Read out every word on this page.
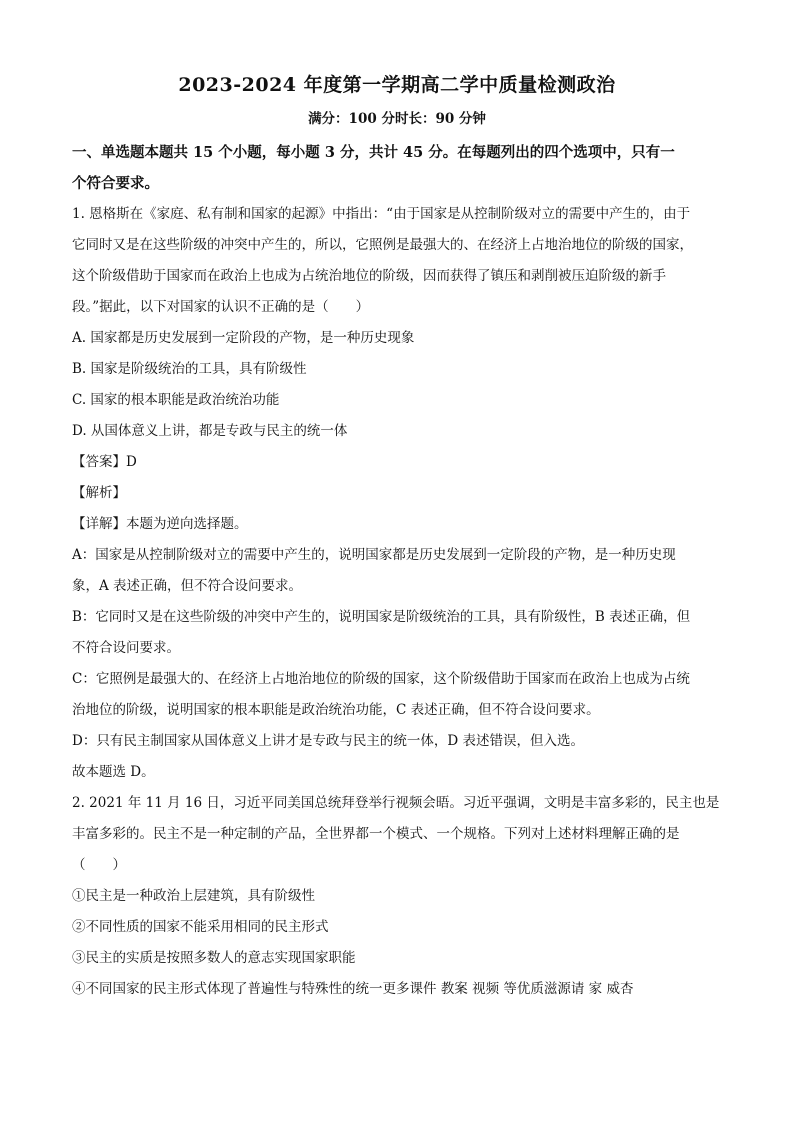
2023-2024 年度第一学期高二学中质量检测政治
满分：100 分时长：90 分钟
一、单选题本题共 15 个小题，每小题 3 分，共计 45 分。在每题列出的四个选项中，只有一
个符合要求。
1. 恩格斯在《家庭、私有制和国家的起源》中指出：“由于国家是从控制阶级对立的需要中产生的，由于
它同时又是在这些阶级的冲突中产生的，所以，它照例是最强大的、在经济上占地治地位的阶级的国家，
这个阶级借助于国家而在政治上也成为占统治地位的阶级，因而获得了镇压和剥削被压迫阶级的新手
段。”据此，以下对国家的认识不正确的是（　　）
A. 国家都是历史发展到一定阶段的产物，是一种历史现象
B. 国家是阶级统治的工具，具有阶级性
C. 国家的根本职能是政治统治功能
D. 从国体意义上讲，都是专政与民主的统一体
【答案】D
【解析】
【详解】本题为逆向选择题。
A：国家是从控制阶级对立的需要中产生的，说明国家都是历史发展到一定阶段的产物，是一种历史现
象，A 表述正确，但不符合设问要求。
B：它同时又是在这些阶级的冲突中产生的，说明国家是阶级统治的工具，具有阶级性，B 表述正确，但
不符合设问要求。
C：它照例是最强大的、在经济上占地治地位的阶级的国家，这个阶级借助于国家而在政治上也成为占统
治地位的阶级，说明国家的根本职能是政治统治功能，C 表述正确，但不符合设问要求。
D：只有民主制国家从国体意义上讲才是专政与民主的统一体，D 表述错误，但入选。
故本题选 D。
2. 2021 年 11 月 16 日，习近平同美国总统拜登举行视频会晤。习近平强调，文明是丰富多彩的，民主也是
丰富多彩的。民主不是一种定制的产品，全世界都一个模式、一个规格。下列对上述材料理解正确的是
（　　）
①民主是一种政治上层建筑，具有阶级性
②不同性质的国家不能采用相同的民主形式
③民主的实质是按照多数人的意志实现国家职能
④不同国家的民主形式体现了普遍性与特殊性的统一更多课件 教案 视频 等优质滋源请 家 威杏
